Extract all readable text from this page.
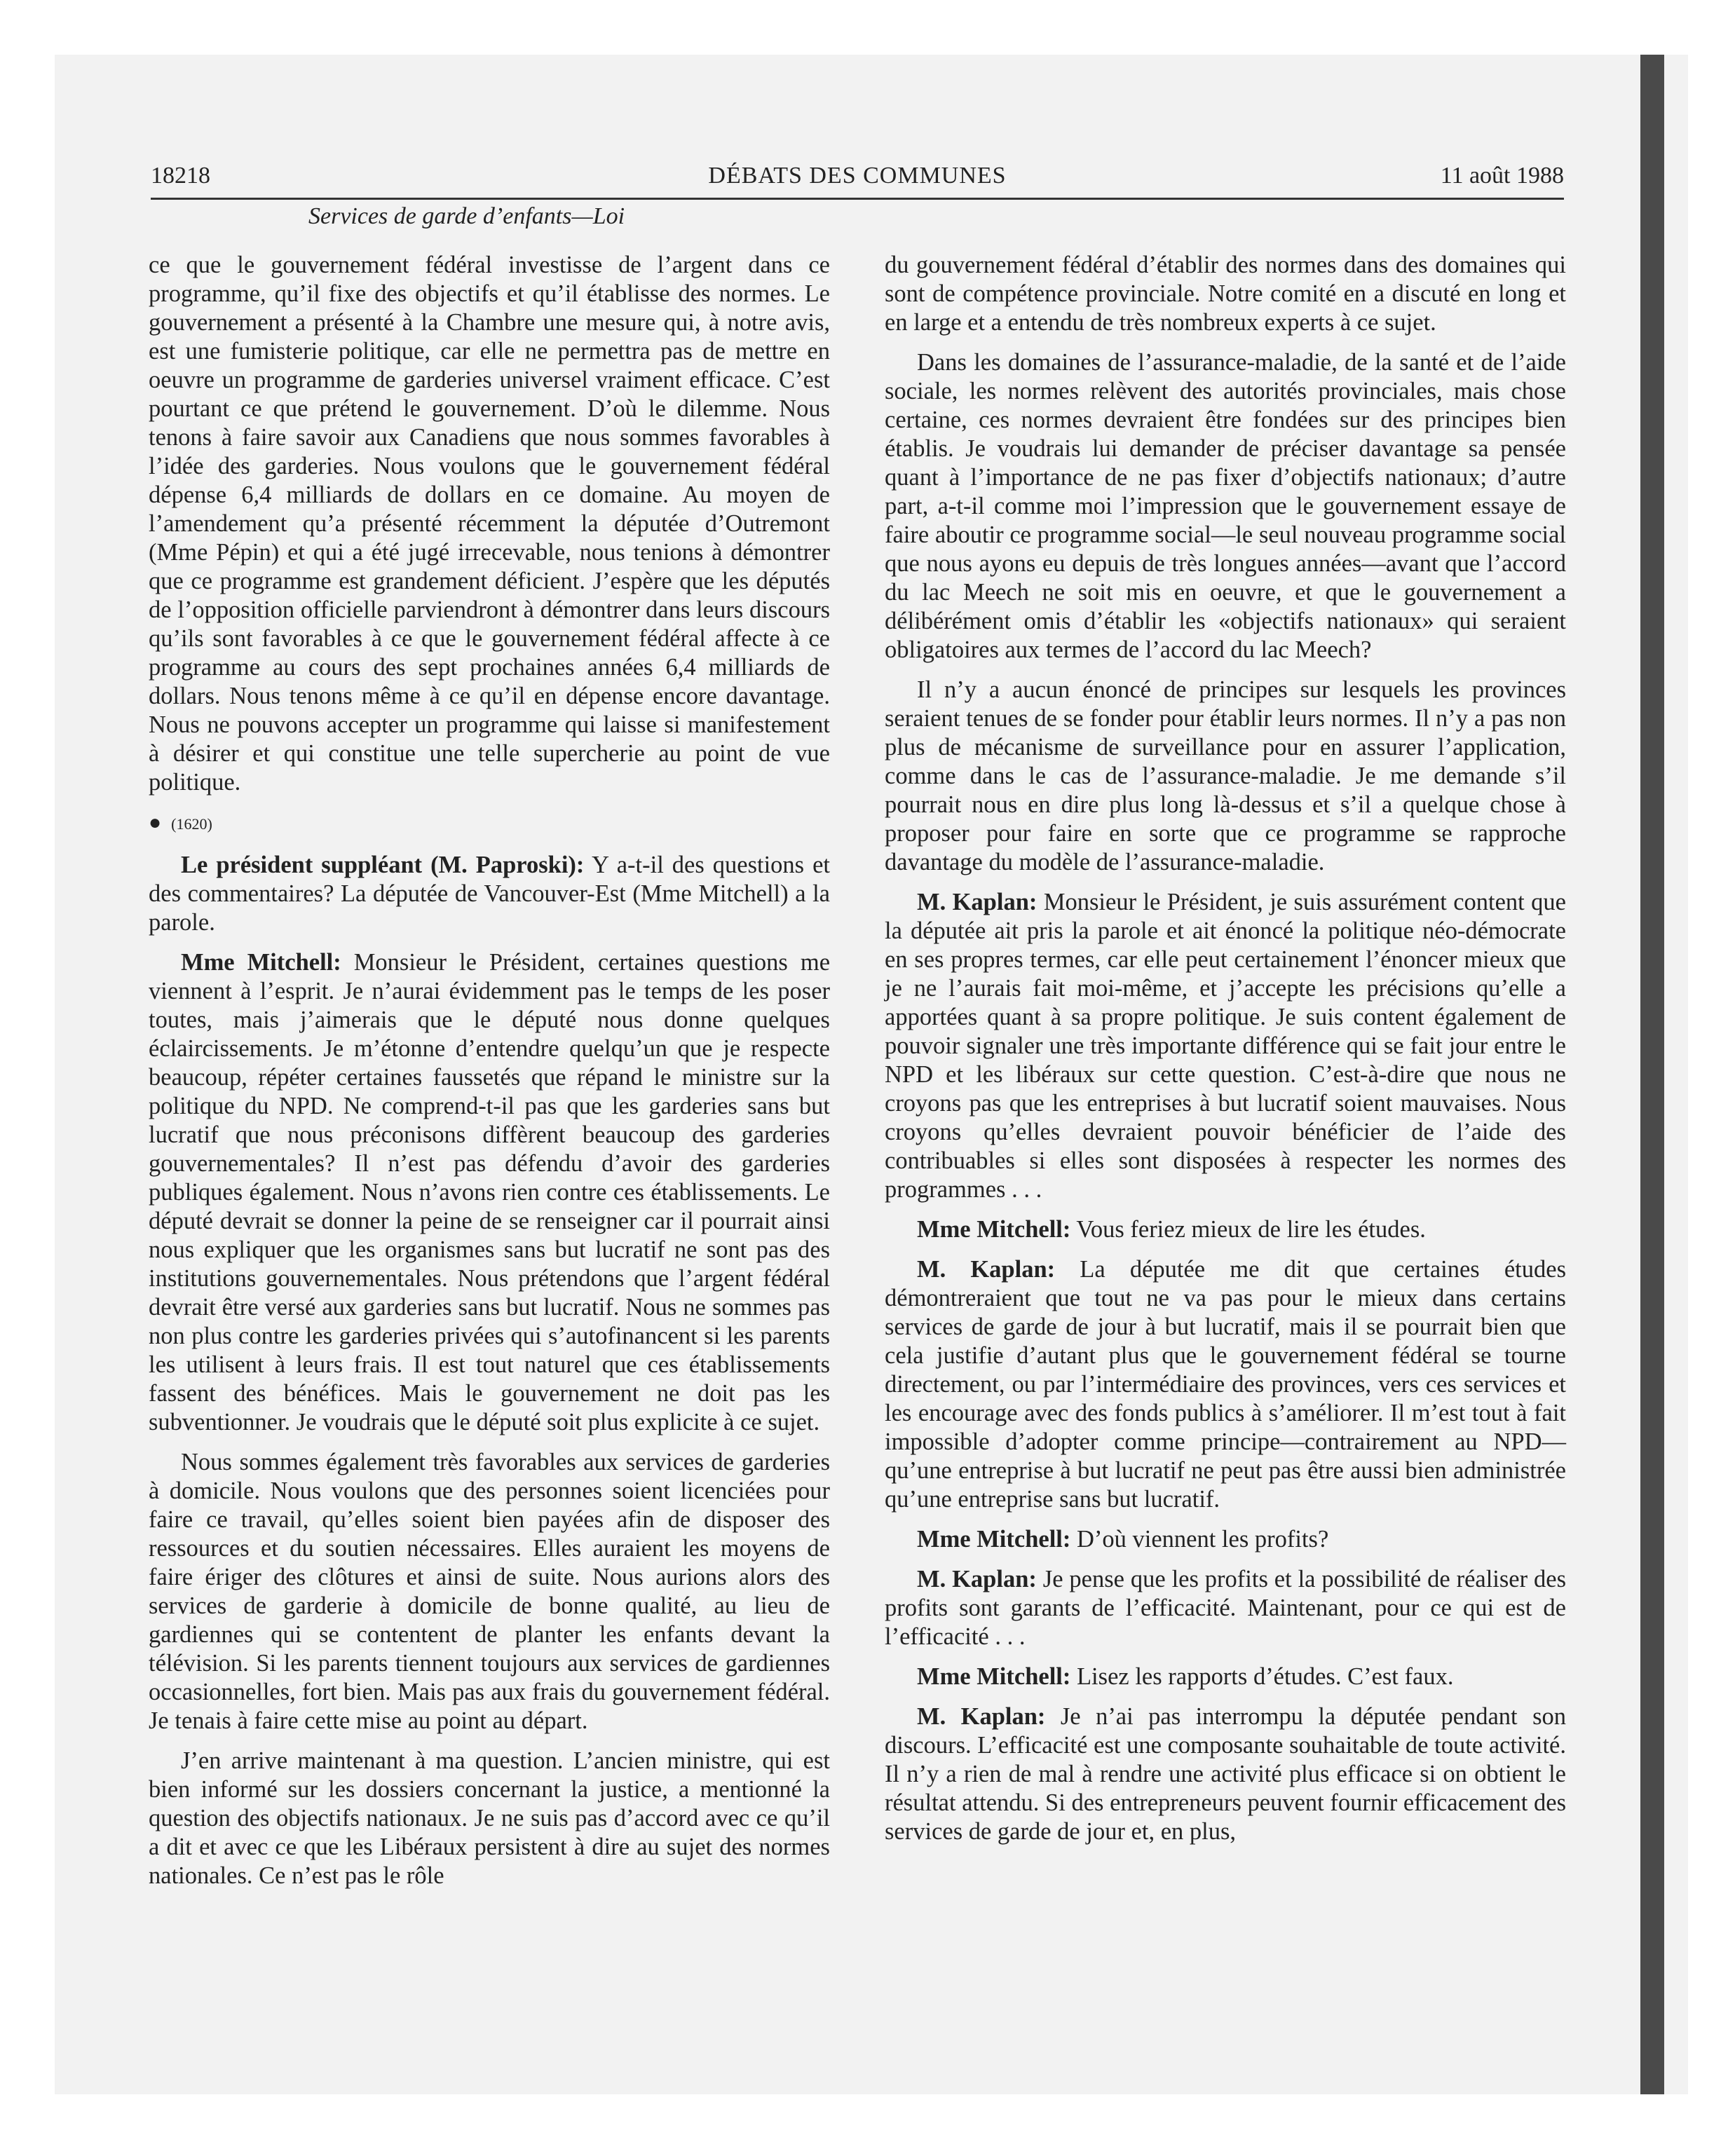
18218	DÉBATS DES COMMUNES	11 août 1988
Services de garde d’enfants—Loi

ce que le gouvernement fédéral investisse de l’argent dans ce programme, qu’il fixe des objectifs et qu’il établisse des normes. Le gouvernement a présenté à la Chambre une mesure qui, à notre avis, est une fumisterie politique, car elle ne permettra pas de mettre en oeuvre un programme de garderies universel vraiment efficace. C’est pourtant ce que prétend le gouvernement. D’où le dilemme. Nous tenons à faire savoir aux Canadiens que nous sommes favorables à l’idée des garderies. Nous voulons que le gouvernement fédéral dépense 6,4 milliards de dollars en ce domaine. Au moyen de l’amendement qu’a présenté récemment la députée d’Outremont (Mme Pépin) et qui a été jugé irrecevable, nous tenions à démontrer que ce programme est grandement déficient. J’espère que les députés de l’opposition officielle parviendront à démontrer dans leurs discours qu’ils sont favorables à ce que le gouvernement fédéral affecte à ce programme au cours des sept prochaines années 6,4 milliards de dollars. Nous tenons même à ce qu’il en dépense encore davantage. Nous ne pouvons accepter un programme qui laisse si manifestement à désirer et qui constitue une telle supercherie au point de vue politique.

● (1620)

Le président suppléant (M. Paproski): Y a-t-il des questions et des commentaires? La députée de Vancouver-Est (Mme Mitchell) a la parole.

Mme Mitchell: Monsieur le Président, certaines questions me viennent à l’esprit. Je n’aurai évidemment pas le temps de les poser toutes, mais j’aimerais que le député nous donne quelques éclaircissements. Je m’étonne d’entendre quelqu’un que je respecte beaucoup, répéter certaines faussetés que répand le ministre sur la politique du NPD. Ne comprend-t-il pas que les garderies sans but lucratif que nous préconisons diffèrent beaucoup des garderies gouvernementales? Il n’est pas défendu d’avoir des garderies publiques également. Nous n’avons rien contre ces établissements. Le député devrait se donner la peine de se renseigner car il pourrait ainsi nous expliquer que les organismes sans but lucratif ne sont pas des institutions gouvernementales. Nous prétendons que l’argent fédéral devrait être versé aux garderies sans but lucratif. Nous ne sommes pas non plus contre les garderies privées qui s’autofinancent si les parents les utilisent à leurs frais. Il est tout naturel que ces établissements fassent des bénéfices. Mais le gouvernement ne doit pas les subventionner. Je voudrais que le député soit plus explicite à ce sujet.

Nous sommes également très favorables aux services de garderies à domicile. Nous voulons que des personnes soient licenciées pour faire ce travail, qu’elles soient bien payées afin de disposer des ressources et du soutien nécessaires. Elles auraient les moyens de faire ériger des clôtures et ainsi de suite. Nous aurions alors des services de garderie à domicile de bonne qualité, au lieu de gardiennes qui se contentent de planter les enfants devant la télévision. Si les parents tiennent toujours aux services de gardiennes occasionnelles, fort bien. Mais pas aux frais du gouvernement fédéral. Je tenais à faire cette mise au point au départ.

J’en arrive maintenant à ma question. L’ancien ministre, qui est bien informé sur les dossiers concernant la justice, a mentionné la question des objectifs nationaux. Je ne suis pas d’accord avec ce qu’il a dit et avec ce que les Libéraux persistent à dire au sujet des normes nationales. Ce n’est pas le rôle

du gouvernement fédéral d’établir des normes dans des domaines qui sont de compétence provinciale. Notre comité en a discuté en long et en large et a entendu de très nombreux experts à ce sujet.

Dans les domaines de l’assurance-maladie, de la santé et de l’aide sociale, les normes relèvent des autorités provinciales, mais chose certaine, ces normes devraient être fondées sur des principes bien établis. Je voudrais lui demander de préciser davantage sa pensée quant à l’importance de ne pas fixer d’objectifs nationaux; d’autre part, a-t-il comme moi l’impression que le gouvernement essaye de faire aboutir ce programme social—le seul nouveau programme social que nous ayons eu depuis de très longues années—avant que l’accord du lac Meech ne soit mis en oeuvre, et que le gouvernement a délibérément omis d’établir les «objectifs nationaux» qui seraient obligatoires aux termes de l’accord du lac Meech?

Il n’y a aucun énoncé de principes sur lesquels les provinces seraient tenues de se fonder pour établir leurs normes. Il n’y a pas non plus de mécanisme de surveillance pour en assurer l’application, comme dans le cas de l’assurance-maladie. Je me demande s’il pourrait nous en dire plus long là-dessus et s’il a quelque chose à proposer pour faire en sorte que ce programme se rapproche davantage du modèle de l’assurance-maladie.

M. Kaplan: Monsieur le Président, je suis assurément content que la députée ait pris la parole et ait énoncé la politique néo-démocrate en ses propres termes, car elle peut certainement l’énoncer mieux que je ne l’aurais fait moi-même, et j’accepte les précisions qu’elle a apportées quant à sa propre politique. Je suis content également de pouvoir signaler une très importante différence qui se fait jour entre le NPD et les libéraux sur cette question. C’est-à-dire que nous ne croyons pas que les entreprises à but lucratif soient mauvaises. Nous croyons qu’elles devraient pouvoir bénéficier de l’aide des contribuables si elles sont disposées à respecter les normes des programmes . . .

Mme Mitchell: Vous feriez mieux de lire les études.

M. Kaplan: La députée me dit que certaines études démontreraient que tout ne va pas pour le mieux dans certains services de garde de jour à but lucratif, mais il se pourrait bien que cela justifie d’autant plus que le gouvernement fédéral se tourne directement, ou par l’intermédiaire des provinces, vers ces services et les encourage avec des fonds publics à s’améliorer. Il m’est tout à fait impossible d’adopter comme principe—contrairement au NPD—qu’une entreprise à but lucratif ne peut pas être aussi bien administrée qu’une entreprise sans but lucratif.

Mme Mitchell: D’où viennent les profits?

M. Kaplan: Je pense que les profits et la possibilité de réaliser des profits sont garants de l’efficacité. Maintenant, pour ce qui est de l’efficacité . . .

Mme Mitchell: Lisez les rapports d’études. C’est faux.

M. Kaplan: Je n’ai pas interrompu la députée pendant son discours. L’efficacité est une composante souhaitable de toute activité. Il n’y a rien de mal à rendre une activité plus efficace si on obtient le résultat attendu. Si des entrepreneurs peuvent fournir efficacement des services de garde de jour et, en plus,
